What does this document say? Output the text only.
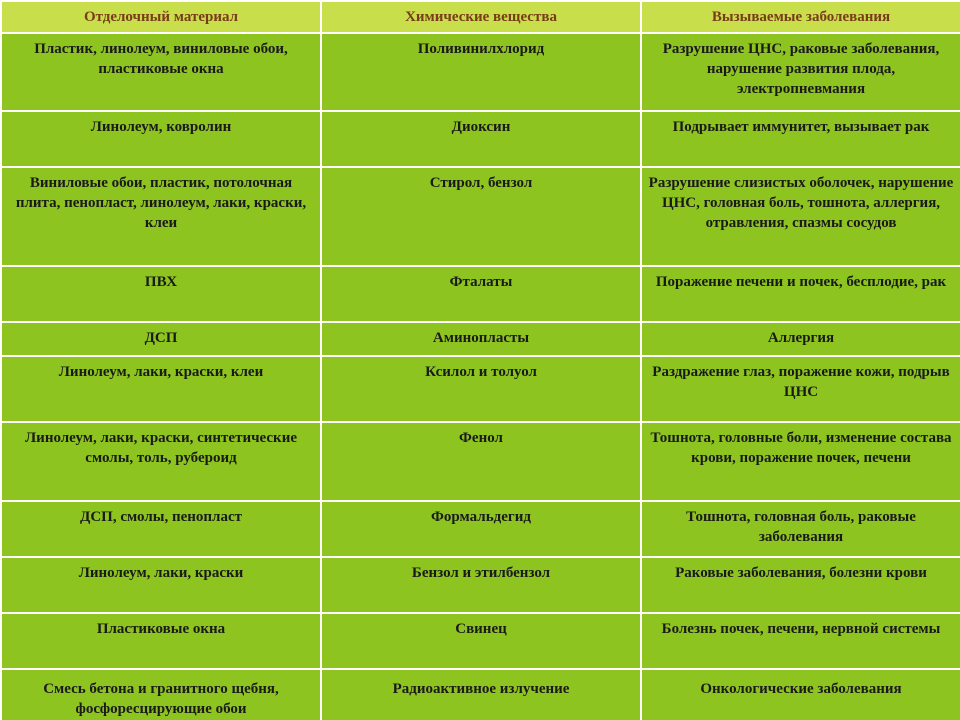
Отделочный материал	Химические вещества	Вызываемые заболевания
Пластик, линолеум, виниловые обои, пластиковые окна	Поливинилхлорид	Разрушение ЦНС, раковые заболевания, нарушение развития плода, электропневмания
Линолеум, ковролин	Диоксин	Подрывает иммунитет, вызывает рак
Виниловые обои, пластик, потолочная плита, пенопласт, линолеум, лаки, краски, клеи	Стирол, бензол	Разрушение слизистых оболочек, нарушение ЦНС, головная боль, тошнота, аллергия, отравления, спазмы сосудов
ПВХ	Фталаты	Поражение печени и почек, бесплодие, рак
ДСП	Аминопласты	Аллергия
Линолеум, лаки, краски, клеи	Ксилол и толуол	Раздражение глаз, поражение кожи, подрыв ЦНС
Линолеум, лаки, краски, синтетические смолы, толь, рубероид	Фенол	Тошнота, головные боли, изменение состава крови, поражение почек, печени
ДСП, смолы, пенопласт	Формальдегид	Тошнота, головная боль, раковые заболевания
Линолеум, лаки, краски	Бензол и этилбензол	Раковые заболевания, болезни крови
Пластиковые окна	Свинец	Болезнь почек, печени, нервной системы
Смесь бетона и гранитного щебня, фосфоресцирующие обои	Радиоактивное излучение	Онкологические заболевания
